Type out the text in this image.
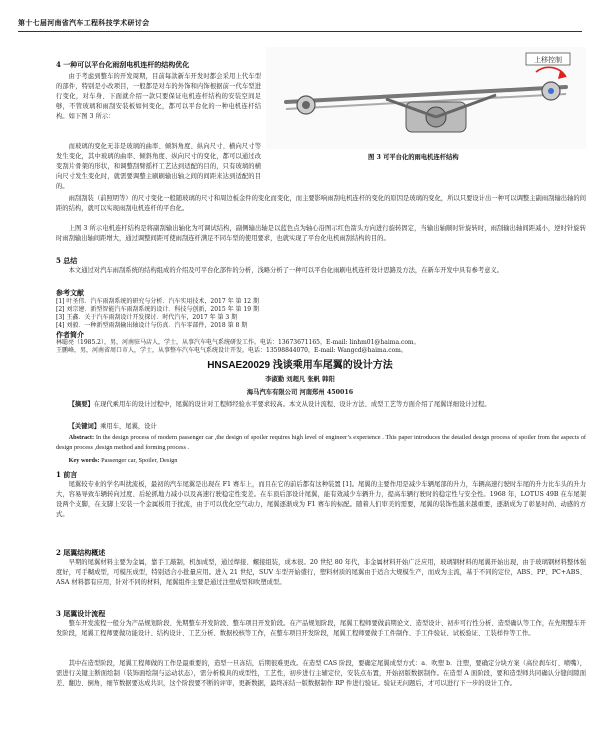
第十七届河南省汽车工程科技学术研讨会

4 一种可以平台化雨刮电机连杆的结构优化

由于考虑到整车的开发周期，目前每款新车开发时都会采用上代车型的部件，特别是小改项目，一般都是对车的外饰和内饰根据前一代车型进行变化，对车身、下面就介绍一款只要保证电机连杆结构的安装空间足够，不管玻璃和雨刮安装板如何变化，都可以平台化的一种电机连杆结构。如下图 3 所示：

而玻璃的变化无非是玻璃的曲率、倾斜角度、纵向尺寸、横向尺寸等发生变化，其中玻璃的曲率、倾斜角度、纵向尺寸的变化，都可以通过改变刮片骨架的形状，和调整刮臂摇杆工艺达到适配的目的，只有玻璃的横向尺寸发生变化时，就需要调整主刷刷输出轴之间的间距来达到适配的目的。

上移控制
图 3 可平台化的雨电机连杆结构

雨刮刮装（前照明等）的尺寸变化一般随玻璃的尺寸和周边板金件的变化而变化，而主要影响雨刮电机连杆的变化的原因是玻璃的变化，所以只要设计出一种可以调整主副雨刮输出轴的间距的结构，就可以实现雨刮电机连杆的平台化。

上图 3 所示电机连杆结构是将副刮输出轴化为可调试结构，副侧输出轴是以蓝色点为轴心沿图示红色箭头方向进行旋转固定，当输出轴顺时针旋转时，雨刮输出轴间距减小，逆时针旋转时雨刮输出轴间距增大，通过调整间距可使雨刮连杆满足不同车型的使用要求，也就实现了平台化电机雨刮结构的目的。

5 总结

本文通过对汽车雨刮系统的结构组成的介绍及可平台化部件的分析，浅略分析了一种可以平台化雨刷电机连杆设计思路及方法，在新车开发中具有参考意义。

参考文献

[1] 叶圣伟．汽车雨刮系统的研究与分析．汽车实用技术，2017 年 第 12 期

[2] 刘宗建．新型智能汽车雨刮系统的设计．科技与创新，2015 年 第 19 期

[3] 王鑫．关于汽车雨刮设计开发探讨．时代汽车，2017 年 第 3 期

[4] 刘毅．一种新型雨刮输出轴设计与仿真．汽车零部件，2018 第 8 期

作者简介

林聪亮（1985.2），男，河南驻马店人，学士，从事汽车电气系统研发工作。电话：13673671165，E-mail: linhm01@haima.com。

王鹏峰，男，河南省周口市人，学士，从事整车汽车电气系统设计开发。电话：13598844070，E-mail: Wangcd@haima.com。

HNSAE20029 浅谈乘用车尾翼的设计方法
李淑勤 刘超凡 张帆 韩阳
海马汽车有限公司 河南郑州 450016

【摘要】在现代乘用车的设计过程中，尾翼的设计对工程师经验水平要求较高。本文从设计流程、设计方法、成型工艺等方面介绍了尾翼详细设计过程。

【关键词】乘用车，尾翼，设计

Abstract: In the design process of modern passenger car ,the design of spoiler requires high level of engineer’s experience . This paper introduces the detailed design process of spoiler from the aspects of design process ,design method and forming process .

Key words: Passenger car, Spoiler, Design

1 前言

尾翼较专业的学名叫扰流板，最初的汽车尾翼是出现在 F1 赛车上，而且在它的前后都有这种装置 [1]。尾翼的主要作用是减少车辆尾部的升力，车辆高速行驶时车尾的升力比车头的升力大，容易导致车辆转向过度、后轮抓地力减小以及高速行驶稳定性变差。在车顶后部设计尾翼，能有效减少车辆升力，提高车辆行驶时的稳定性与安全性。1968 年，LOTUS 49B 在车尾架设两个支脚，在支脚上安装一个金属板用于扰流，由于可以优化空气动力，尾翼逐渐成为 F1 赛车的标配。随着人们审美的需要，尾翼的装饰性越来越重要，逐渐成为了彰显时尚、动感的方式。

2 尾翼结构概述

早期的尾翼材料主要为金属，靠手工敲制，机加成型，通过焊接、螺接组装，成本很。20 世纪 80 年代，非金属材料开始广泛应用，玻璃钢材料的尾翼开始出现，由于玻璃钢材料整体强度好，可手糊成型，可模压成型，特别适合小批量应用。进入 21 世纪，SUV 车型开始盛行，塑料材质的尾翼由于适合大规模生产，而成为主流，基于不同的定位，ABS、PP、PC+ABS、ASA 材料都有应用，针对不同的材料，尾翼组件主要是通过注塑成型和吹塑成型。

3 尾翼设计流程

整车开发流程一般分为产品规划阶段、先期整车开发阶段、整车项目开发阶段。在产品规划阶段，尾翼工程师要做前期论文、造型设计、初步可行性分析、造型确认等工作，在先期整车开发阶段，尾翼工程师要做功能设计、结构设计、工艺分析、数据校核等工作，在整车项目开发阶段，尾翼工程师要做手工件制作、手工件验证、试板验证、工装样件等工作。

其中在造型阶段，尾翼工程师做的工作是最重要的，造型一旦冻结，后期很难更改。在造型 CAS 阶段，要确定尾翼成型方式：a．吹塑 b．注塑，要确定分块方案（高位刹车灯、喷嘴），需进行关键主断面绘制（装饰面绘制与运动状态），需分析模具的成型性，工艺性，初步进行主辅定位，安装点布置，开始初版数据制作。在造型 A 面阶段，要和造型师共同确认分缝间隙面差、翻边、倒角，细节数据要达成共识，这个阶段要不断的评审，更新数据，最终冻结一版数据制作 RP 件进行验证。验证无问题后，才可以进行下一步的设计工作。
